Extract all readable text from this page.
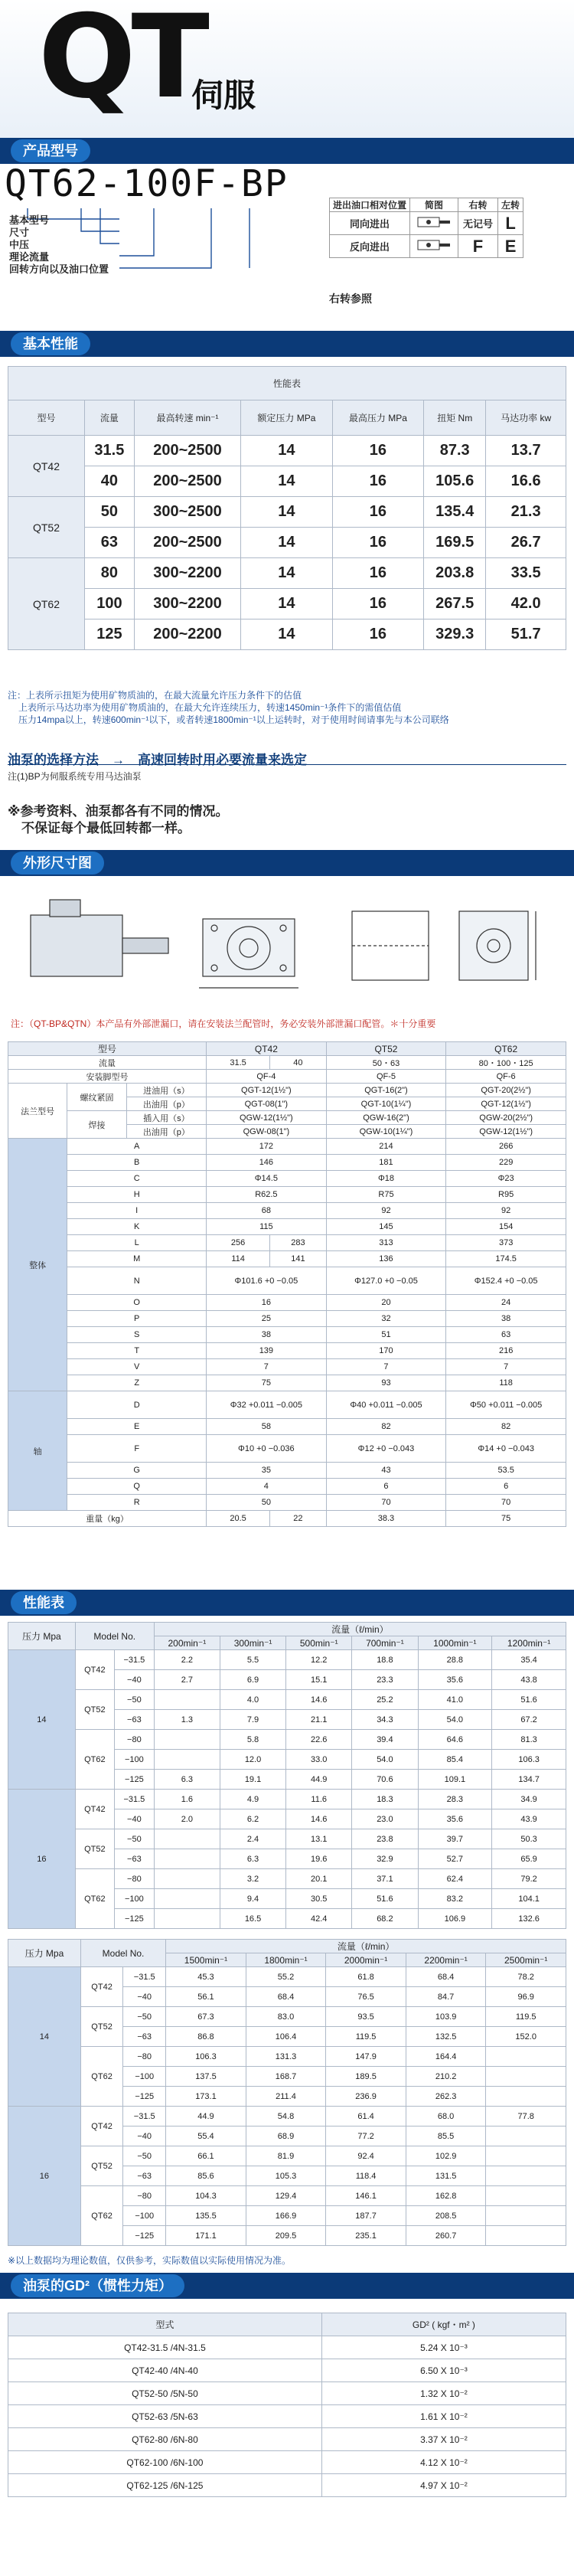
QT
伺服
产品型号
QT62-100F-BP
基本型号
尺寸
中压
理论流量
回转方向以及油口位置
进出油口相对位置	简图	右转	左转
同向进出		无记号	L
反向进出		F	E
右转参照
基本性能
性能表						
型号	流量	最高转速 min⁻¹	额定压力 MPa	最高压力 MPa	扭矩 Nm	马达功率 kw
QT42	31.5	200~2500	14	16	87.3	13.7
	40	200~2500	14	16	105.6	16.6
QT52	50	300~2500	14	16	135.4	21.3
	63	200~2500	14	16	169.5	26.7
QT62	80	300~2200	14	16	203.8	33.5
	100	300~2200	14	16	267.5	42.0
	125	200~2200	14	16	329.3	51.7
注：上表所示扭矩为使用矿物质油的，在最大流量允许压力条件下的估值
上表所示马达功率为使用矿物质油的，在最大允许连续压力，转速1450min⁻¹条件下的需值估值
压力14mpa以上，转速600min⁻¹以下，或者转速1800min⁻¹以上运转时，对于使用时间请事先与本公司联络
油泵的选择方法　→　高速回转时用必要流量来选定
注(1)BP为伺服系统专用马达油泵
※参考资料、油泵都各有不同的情况。
不保证每个最低回转都一样。
外形尺寸图
注：（QT-BP&QTN）本产品有外部泄漏口，请在安装法兰配管时，务必安装外部泄漏口配管。＊十分重要
型号			QT42		QT52	QT62
流量			31.5	40	50・63	80・100・125
安装脚型号			QF-4		QF-5	QF-6
法兰型号	螺纹紧固	进油用（s）	QGT-12(1½")		QGT-16(2")	QGT-20(2½")
		出油用（p）	QGT-08(1")		QGT-10(1¼")	QGT-12(1½")
	焊接	插入用（s）	QGW-12(1½")		QGW-16(2")	QGW-20(2½")
		出油用（p）	QGW-08(1")		QGW-10(1¼")	QGW-12(1½")
整体	A		172		214	266
	B		146		181	229
	C		Φ14.5		Φ18	Φ23
	H		R62.5		R75	R95
	I		68		92	92
	K		115		145	154
	L		256	283	313	373
	M		114	141	136	174.5
	N		Φ101.6 +0 −0.05		Φ127.0 +0 −0.05	Φ152.4 +0 −0.05
	O		16		20	24
	P		25		32	38
	S		38		51	63
	T		139		170	216
	V		7		7	7
	Z		75		93	118
轴	D		Φ32 +0.011 −0.005		Φ40 +0.011 −0.005	Φ50 +0.011 −0.005
	E		58		82	82
	F		Φ10 +0 −0.036		Φ12 +0 −0.043	Φ14 +0 −0.043
	G		35		43	53.5
	Q		4		6	6
	R		50		70	70
重量（kg）			20.5	22	38.3	75
性能表
压力 Mpa	Model No.		流量（ℓ/min）					
			200min⁻¹	300min⁻¹	500min⁻¹	700min⁻¹	1000min⁻¹	1200min⁻¹
14	QT42	−31.5	2.2	5.5	12.2	18.8	28.8	35.4
		−40	2.7	6.9	15.1	23.3	35.6	43.8
	QT52	−50		4.0	14.6	25.2	41.0	51.6
		−63	1.3	7.9	21.1	34.3	54.0	67.2
	QT62	−80		5.8	22.6	39.4	64.6	81.3
		−100		12.0	33.0	54.0	85.4	106.3
		−125	6.3	19.1	44.9	70.6	109.1	134.7
16	QT42	−31.5	1.6	4.9	11.6	18.3	28.3	34.9
		−40	2.0	6.2	14.6	23.0	35.6	43.9
	QT52	−50		2.4	13.1	23.8	39.7	50.3
		−63		6.3	19.6	32.9	52.7	65.9
	QT62	−80		3.2	20.1	37.1	62.4	79.2
		−100		9.4	30.5	51.6	83.2	104.1
		−125		16.5	42.4	68.2	106.9	132.6
压力 Mpa	Model No.		流量（ℓ/min）				
			1500min⁻¹	1800min⁻¹	2000min⁻¹	2200min⁻¹	2500min⁻¹
14	QT42	−31.5	45.3	55.2	61.8	68.4	78.2
		−40	56.1	68.4	76.5	84.7	96.9
	QT52	−50	67.3	83.0	93.5	103.9	119.5
		−63	86.8	106.4	119.5	132.5	152.0
	QT62	−80	106.3	131.3	147.9	164.4	
		−100	137.5	168.7	189.5	210.2	
		−125	173.1	211.4	236.9	262.3	
16	QT42	−31.5	44.9	54.8	61.4	68.0	77.8
		−40	55.4	68.9	77.2	85.5	
	QT52	−50	66.1	81.9	92.4	102.9	
		−63	85.6	105.3	118.4	131.5	
	QT62	−80	104.3	129.4	146.1	162.8	
		−100	135.5	166.9	187.7	208.5	
		−125	171.1	209.5	235.1	260.7	
※以上数据均为理论数值，仅供参考，实际数值以实际使用情况为准。
油泵的GD²（惯性力矩）
型式	GD² ( kgf・m² )
QT42-31.5 /4N-31.5	5.24 X 10⁻³
QT42-40 /4N-40	6.50 X 10⁻³
QT52-50 /5N-50	1.32 X 10⁻²
QT52-63 /5N-63	1.61 X 10⁻²
QT62-80 /6N-80	3.37 X 10⁻²
QT62-100 /6N-100	4.12 X 10⁻²
QT62-125 /6N-125	4.97 X 10⁻²
